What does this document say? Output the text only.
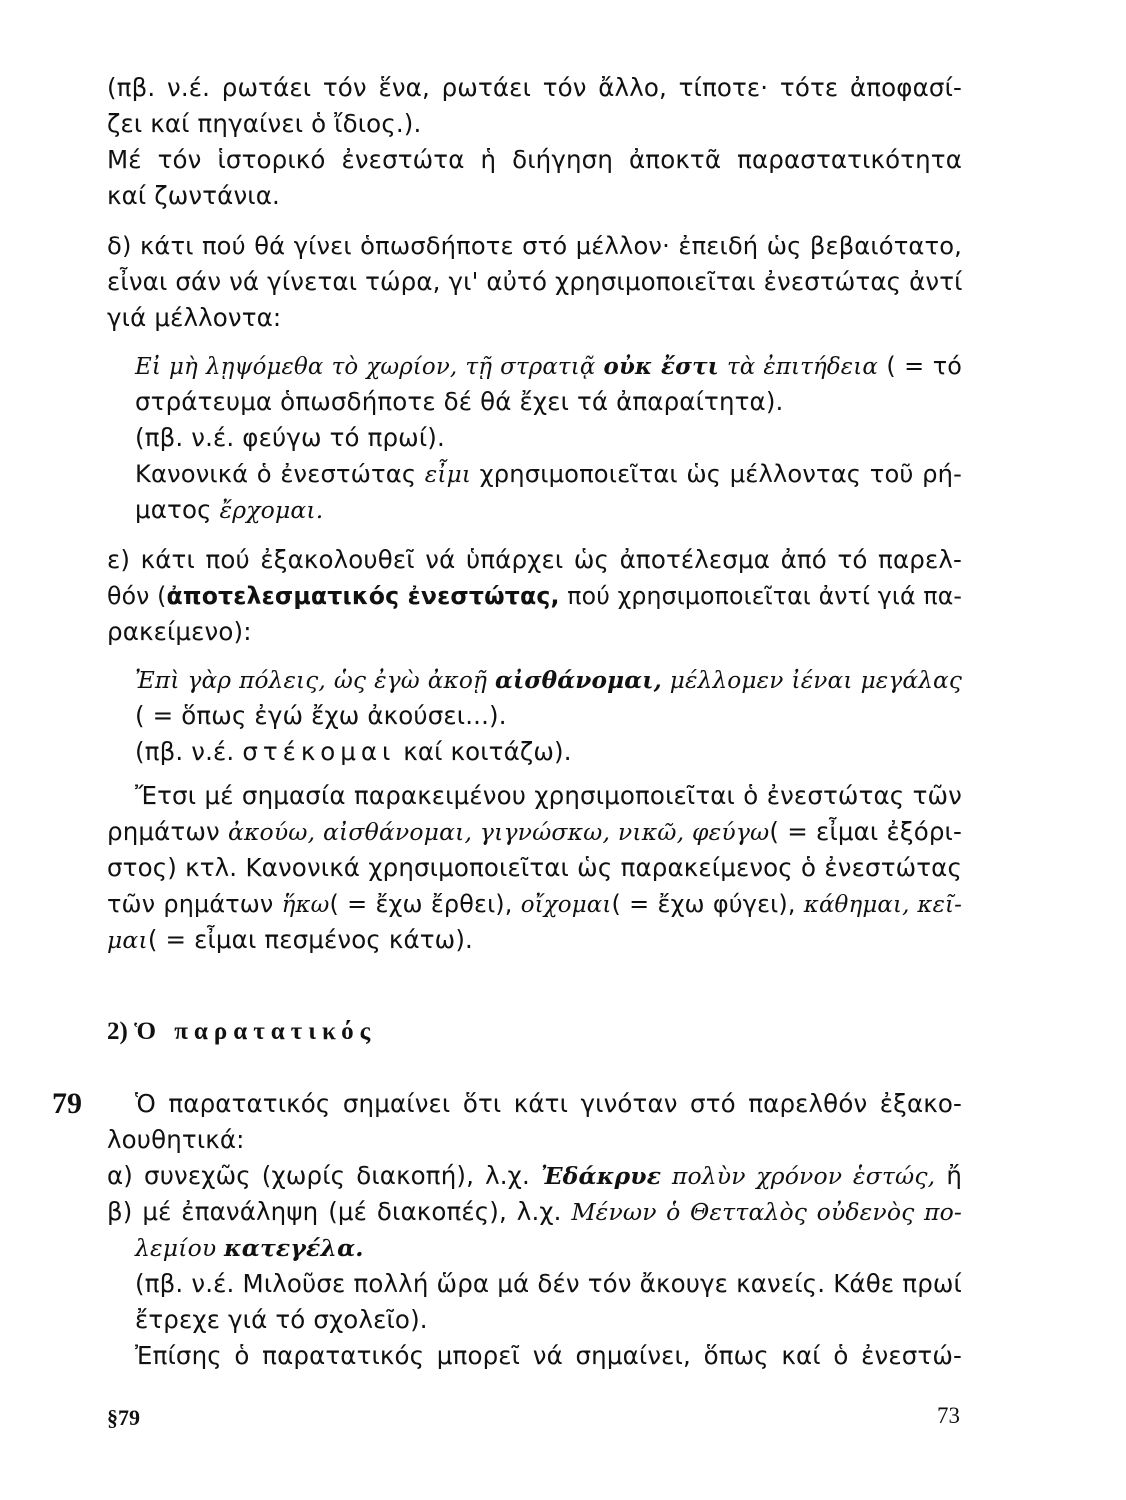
(πβ. ν.έ. ρωτάει τόν ἕνα, ρωτάει τόν ἄλλο, τίποτε· τότε ἀποφασί-
ζει καί πηγαίνει ὁ ἴδιος.).
Μέ τόν ἱστορικό ἐνεστώτα ἡ διήγηση ἀποκτᾶ παραστατικότητα
καί ζωντάνια.
δ) κάτι πού θά γίνει ὁπωσδήποτε στό μέλλον· ἐπειδή ὡς βεβαιότατο,
εἶναι σάν νά γίνεται τώρα, γι' αὐτό χρησιμοποιεῖται ἐνεστώτας ἀντί
γιά μέλλοντα:
Εἰ μὴ λῃψόμεθα τὸ χωρίον, τῇ στρατιᾷ οὐκ ἔστι τὰ ἐπιτήδεια ( = τό
στράτευμα ὁπωσδήποτε δέ θά ἔχει τά ἀπαραίτητα).
(πβ. ν.έ. φεύγω τό πρωί).
Κανονικά ὁ ἐνεστώτας εἶμι χρησιμοποιεῖται ὡς μέλλοντας τοῦ ρή-
ματος ἔρχομαι.
ε) κάτι πού ἐξακολουθεῖ νά ὑπάρχει ὡς ἀποτέλεσμα ἀπό τό παρελ-
θόν (ἀποτελεσματικός ἐνεστώτας, πού χρησιμοποιεῖται ἀντί γιά πα-
ρακείμενο):
Ἐπὶ γὰρ πόλεις, ὡς ἐγὼ ἀκοῇ αἰσθάνομαι, μέλλομεν ἰέναι μεγάλας
( = ὅπως ἐγώ ἔχω ἀκούσει...).
(πβ. ν.έ. στέκομαι καί κοιτάζω).
Ἔτσι μέ σημασία παρακειμένου χρησιμοποιεῖται ὁ ἐνεστώτας τῶν
ρημάτων ἀκούω, αἰσθάνομαι, γιγνώσκω, νικῶ, φεύγω( = εἶμαι ἐξόρι-
στος) κτλ. Κανονικά χρησιμοποιεῖται ὡς παρακείμενος ὁ ἐνεστώτας
τῶν ρημάτων ἥκω( = ἔχω ἔρθει), οἴχομαι( = ἔχω φύγει), κάθημαι, κεῖ-
μαι( = εἶμαι πεσμένος κάτω).
2) Ὁ παρατατικός
79 Ὁ παρατατικός σημαίνει ὅτι κάτι γινόταν στό παρελθόν ἐξακο-
λουθητικά:
α) συνεχῶς (χωρίς διακοπή), λ.χ. Ἐδάκρυε πολὺν χρόνον ἑστώς, ἤ
β) μέ ἐπανάληψη (μέ διακοπές), λ.χ. Μένων ὁ Θετταλὸς οὐδενὸς πο-
λεμίου κατεγέλα.
(πβ. ν.έ. Μιλοῦσε πολλή ὥρα μά δέν τόν ἄκουγε κανείς. Κάθε πρωί
ἔτρεχε γιά τό σχολεῖο).
Ἐπίσης ὁ παρατατικός μπορεῖ νά σημαίνει, ὅπως καί ὁ ἐνεστώ-
§79	73
